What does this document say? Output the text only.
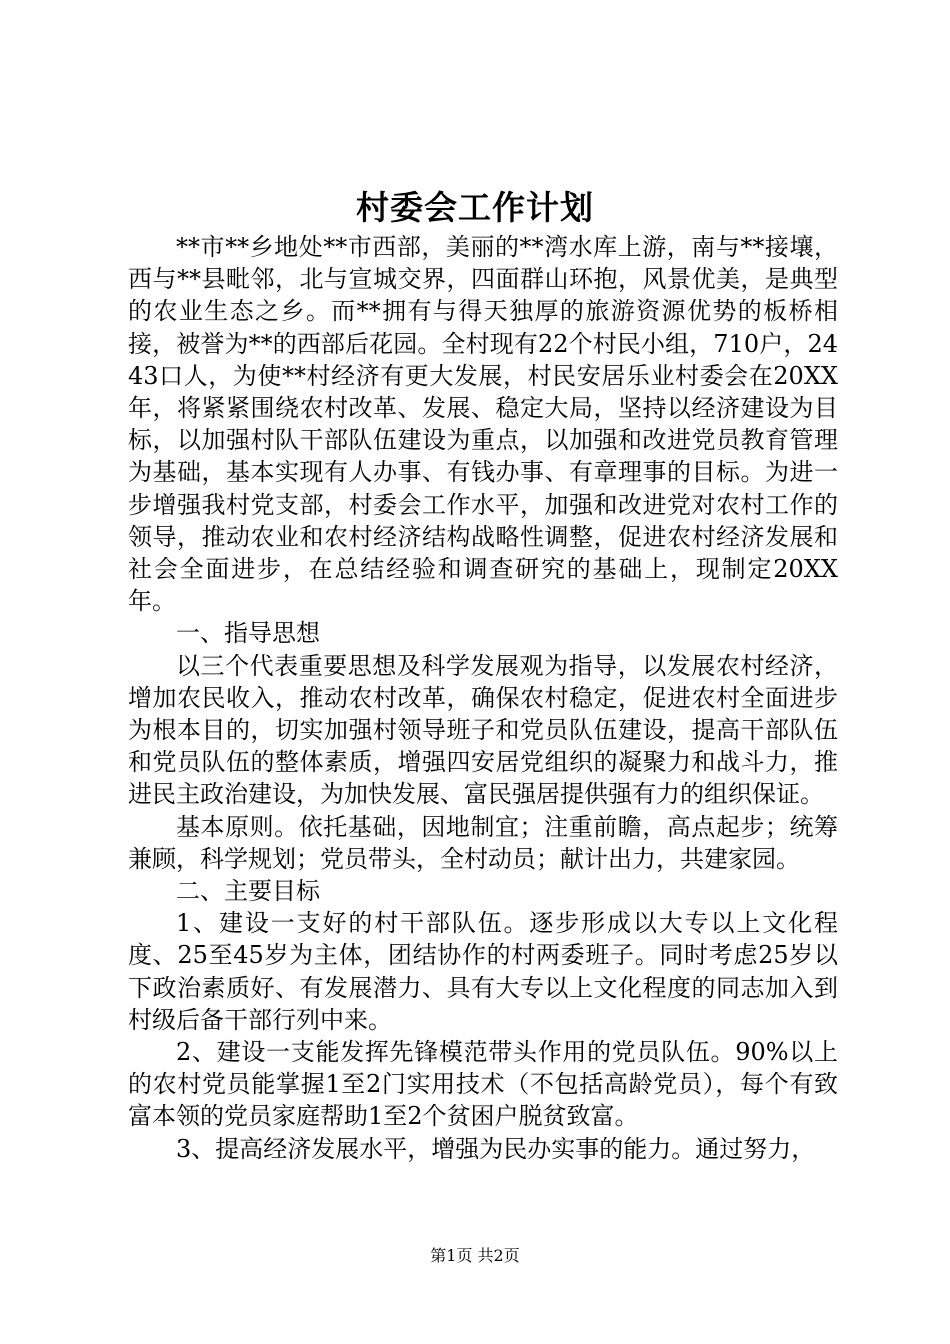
村委会工作计划

**市**乡地处**市西部，美丽的**湾水库上游，南与**接壤，西与**县毗邻，北与宣城交界，四面群山环抱，风景优美，是典型的农业生态之乡。而**拥有与得天独厚的旅游资源优势的板桥相接，被誉为**的西部后花园。全村现有22个村民小组，710户，2443口人，为使**村经济有更大发展，村民安居乐业村委会在20XX年，将紧紧围绕农村改革、发展、稳定大局，坚持以经济建设为目标，以加强村队干部队伍建设为重点，以加强和改进党员教育管理为基础，基本实现有人办事、有钱办事、有章理事的目标。为进一步增强我村党支部，村委会工作水平，加强和改进党对农村工作的领导，推动农业和农村经济结构战略性调整，促进农村经济发展和社会全面进步，在总结经验和调查研究的基础上，现制定20XX年。

一、指导思想

以三个代表重要思想及科学发展观为指导，以发展农村经济，增加农民收入，推动农村改革，确保农村稳定，促进农村全面进步为根本目的，切实加强村领导班子和党员队伍建设，提高干部队伍和党员队伍的整体素质，增强四安居党组织的凝聚力和战斗力，推进民主政治建设，为加快发展、富民强居提供强有力的组织保证。

基本原则。依托基础，因地制宜；注重前瞻，高点起步；统筹兼顾，科学规划；党员带头，全村动员；献计出力，共建家园。

二、主要目标

1、建设一支好的村干部队伍。逐步形成以大专以上文化程度、25至45岁为主体，团结协作的村两委班子。同时考虑25岁以下政治素质好、有发展潜力、具有大专以上文化程度的同志加入到村级后备干部行列中来。

2、建设一支能发挥先锋模范带头作用的党员队伍。90%以上的农村党员能掌握1至2门实用技术（不包括高龄党员），每个有致富本领的党员家庭帮助1至2个贫困户脱贫致富。

3、提高经济发展水平，增强为民办实事的能力。通过努力，

第1页 共2页
